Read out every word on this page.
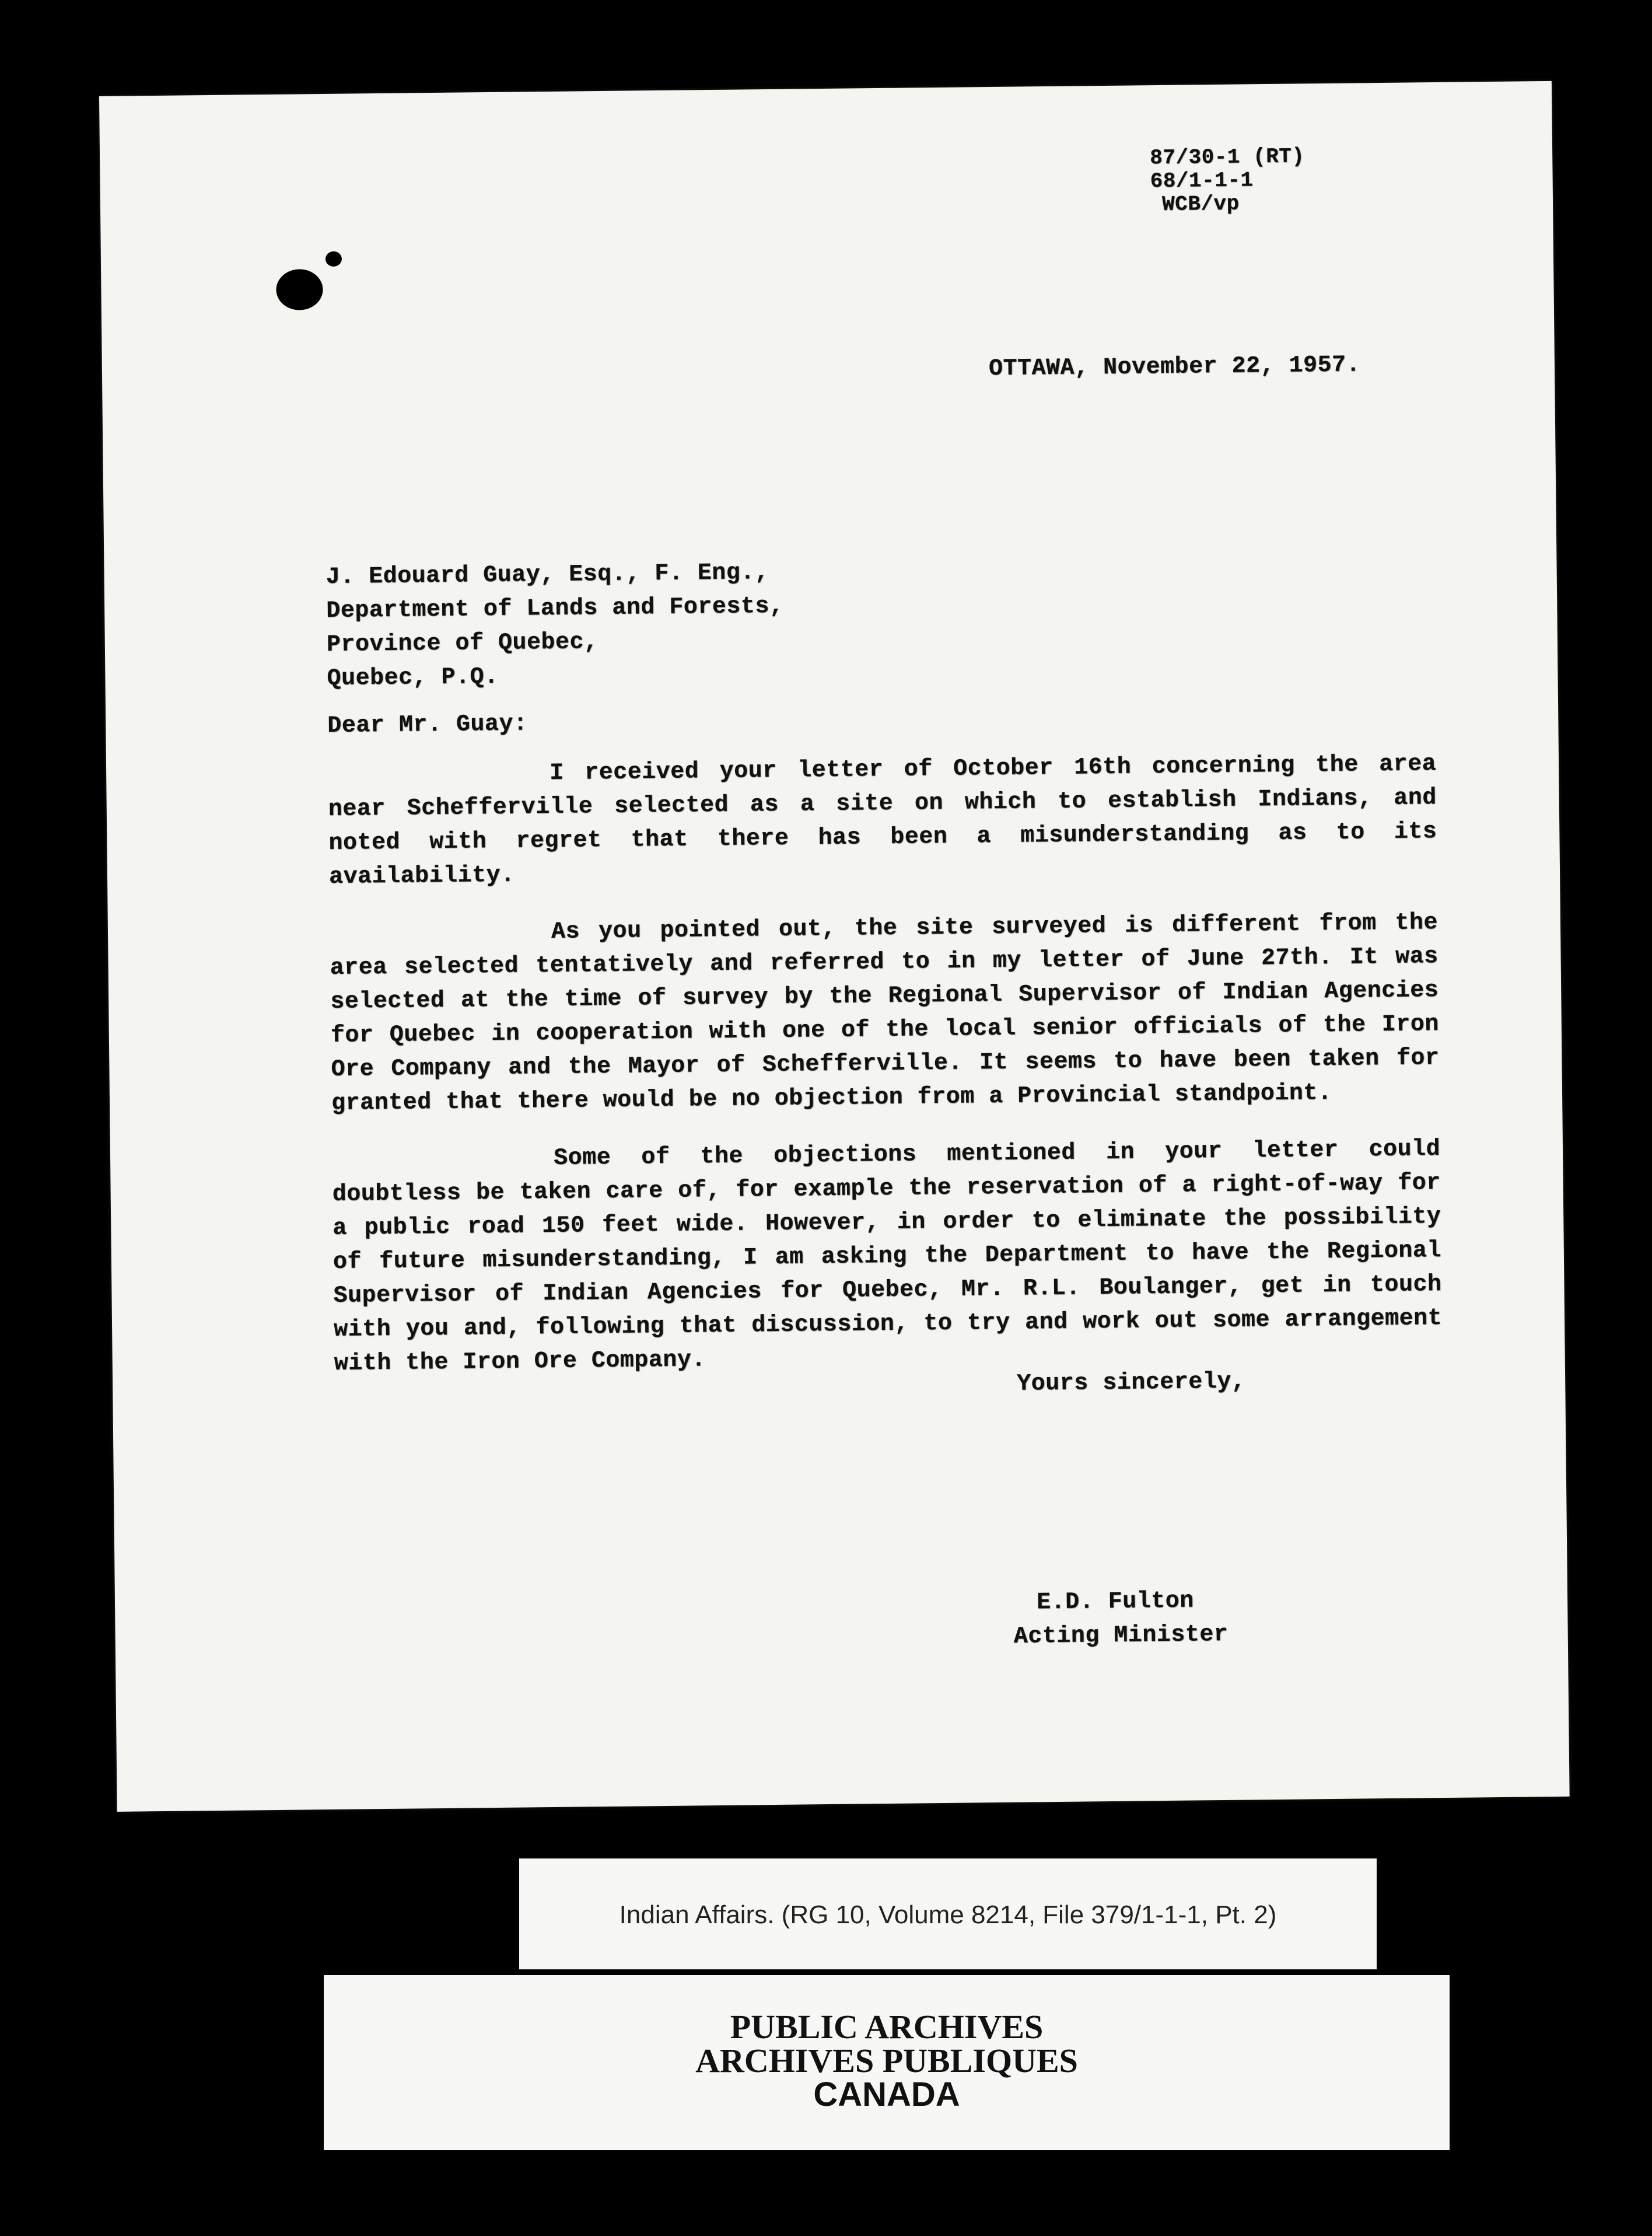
87/30-1 (RT)
68/1-1-1
WCB/vp
OTTAWA, November 22, 1957.
J. Edouard Guay, Esq., F. Eng.,
Department of Lands and Forests,
Province of Quebec,
Quebec, P.Q.
Dear Mr. Guay:

I received your letter of October 16th concerning the area near Schefferville selected as a site on which to establish Indians, and noted with regret that there has been a misunderstanding as to its availability.

As you pointed out, the site surveyed is different from the area selected tentatively and referred to in my letter of June 27th. It was selected at the time of survey by the Regional Supervisor of Indian Agencies for Quebec in cooperation with one of the local senior officials of the Iron Ore Company and the Mayor of Schefferville. It seems to have been taken for granted that there would be no objection from a Provincial standpoint.

Some of the objections mentioned in your letter could doubtless be taken care of, for example the reservation of a right-of-way for a public road 150 feet wide. However, in order to eliminate the possibility of future misunderstanding, I am asking the Department to have the Regional Supervisor of Indian Agencies for Quebec, Mr. R.L. Boulanger, get in touch with you and, following that discussion, to try and work out some arrangement with the Iron Ore Company.

Yours sincerely,
E.D. Fulton
Acting Minister
Indian Affairs. (RG 10, Volume 8214, File 379/1-1-1, Pt. 2)
PUBLIC ARCHIVES
ARCHIVES PUBLIQUES
CANADA
